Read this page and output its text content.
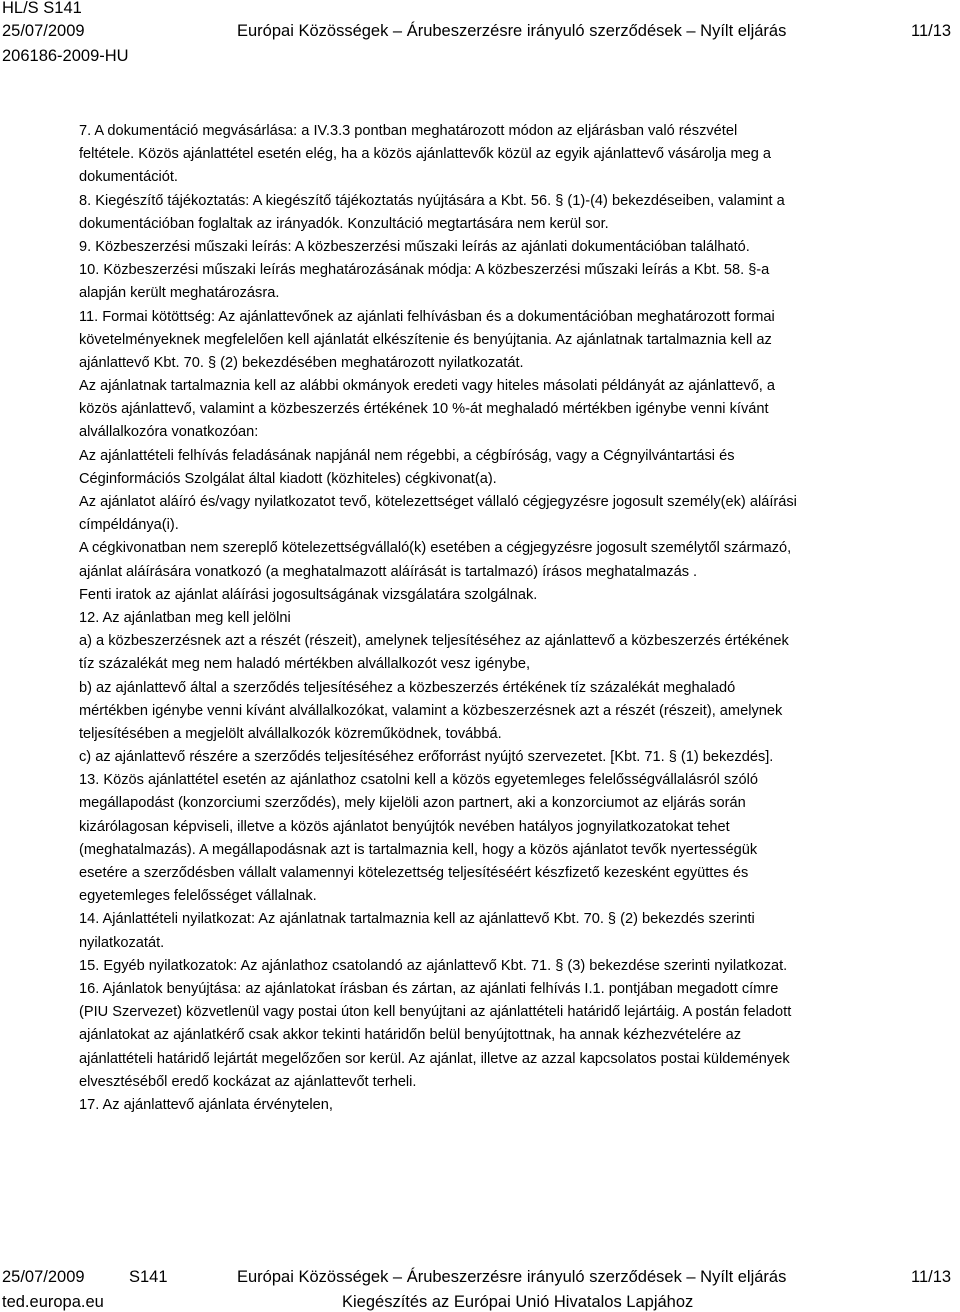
HL/S S141
25/07/2009	Európai Közösségek – Árubeszerzésre irányuló szerződések – Nyílt eljárás	11/13
206186-2009-HU
7. A dokumentáció megvásárlása: a IV.3.3 pontban meghatározott módon az eljárásban való részvétel
feltétele. Közös ajánlattétel esetén elég, ha a közös ajánlattevők közül az egyik ajánlattevő vásárolja meg a
dokumentációt.
8. Kiegészítő tájékoztatás: A kiegészítő tájékoztatás nyújtására a Kbt. 56. § (1)-(4) bekezdéseiben, valamint a
dokumentációban foglaltak az irányadók. Konzultáció megtartására nem kerül sor.
9. Közbeszerzési műszaki leírás: A közbeszerzési műszaki leírás az ajánlati dokumentációban található.
10. Közbeszerzési műszaki leírás meghatározásának módja: A közbeszerzési műszaki leírás a Kbt. 58. §-a
alapján került meghatározásra.
11. Formai kötöttség: Az ajánlattevőnek az ajánlati felhívásban és a dokumentációban meghatározott formai
követelményeknek megfelelően kell ajánlatát elkészítenie és benyújtania. Az ajánlatnak tartalmaznia kell az
ajánlattevő Kbt. 70. § (2) bekezdésében meghatározott nyilatkozatát.
Az ajánlatnak tartalmaznia kell az alábbi okmányok eredeti vagy hiteles másolati példányát az ajánlattevő, a
közös ajánlattevő, valamint a közbeszerzés értékének 10 %-át meghaladó mértékben igénybe venni kívánt
alvállalkozóra vonatkozóan:
Az ajánlattételi felhívás feladásának napjánál nem régebbi, a cégbíróság, vagy a Cégnyilvántartási és
Céginformációs Szolgálat által kiadott (közhiteles) cégkivonat(a).
Az ajánlatot aláíró és/vagy nyilatkozatot tevő, kötelezettséget vállaló cégjegyzésre jogosult személy(ek) aláírási
címpéldánya(i).
A cégkivonatban nem szereplő kötelezettségvállaló(k) esetében a cégjegyzésre jogosult személytől származó,
ajánlat aláírására vonatkozó (a meghatalmazott aláírását is tartalmazó) írásos meghatalmazás .
Fenti iratok az ajánlat aláírási jogosultságának vizsgálatára szolgálnak.
12. Az ajánlatban meg kell jelölni
a) a közbeszerzésnek azt a részét (részeit), amelynek teljesítéséhez az ajánlattevő a közbeszerzés értékének
tíz százalékát meg nem haladó mértékben alvállalkozót vesz igénybe,
b) az ajánlattevő által a szerződés teljesítéséhez a közbeszerzés értékének tíz százalékát meghaladó
mértékben igénybe venni kívánt alvállalkozókat, valamint a közbeszerzésnek azt a részét (részeit), amelynek
teljesítésében a megjelölt alvállalkozók közreműködnek, továbbá.
c) az ajánlattevő részére a szerződés teljesítéséhez erőforrást nyújtó szervezetet. [Kbt. 71. § (1) bekezdés].
13. Közös ajánlattétel esetén az ajánlathoz csatolni kell a közös egyetemleges felelősségvállalásról szóló
megállapodást (konzorciumi szerződés), mely kijelöli azon partnert, aki a konzorciumot az eljárás során
kizárólagosan képviseli, illetve a közös ajánlatot benyújtók nevében hatályos jognyilatkozatokat tehet
(meghatalmazás). A megállapodásnak azt is tartalmaznia kell, hogy a közös ajánlatot tevők nyertességük
esetére a szerződésben vállalt valamennyi kötelezettség teljesítéséért készfizető kezesként együttes és
egyetemleges felelősséget vállalnak.
14. Ajánlattételi nyilatkozat: Az ajánlatnak tartalmaznia kell az ajánlattevő Kbt. 70. § (2) bekezdés szerinti
nyilatkozatát.
15. Egyéb nyilatkozatok: Az ajánlathoz csatolandó az ajánlattevő Kbt. 71. § (3) bekezdése szerinti nyilatkozat.
16. Ajánlatok benyújtása: az ajánlatokat írásban és zártan, az ajánlati felhívás I.1. pontjában megadott címre
(PIU Szervezet) közvetlenül vagy postai úton kell benyújtani az ajánlattételi határidő lejártáig. A postán feladott
ajánlatokat az ajánlatkérő csak akkor tekinti határidőn belül benyújtottnak, ha annak kézhezvételére az
ajánlattételi határidő lejártát megelőzően sor kerül. Az ajánlat, illetve az azzal kapcsolatos postai küldemények
elvesztéséből eredő kockázat az ajánlattevőt terheli.
17. Az ajánlattevő ajánlata érvénytelen,
25/07/2009	S141	Európai Közösségek – Árubeszerzésre irányuló szerződések – Nyílt eljárás	11/13
ted.europa.eu	Kiegészítés az Európai Unió Hivatalos Lapjához
